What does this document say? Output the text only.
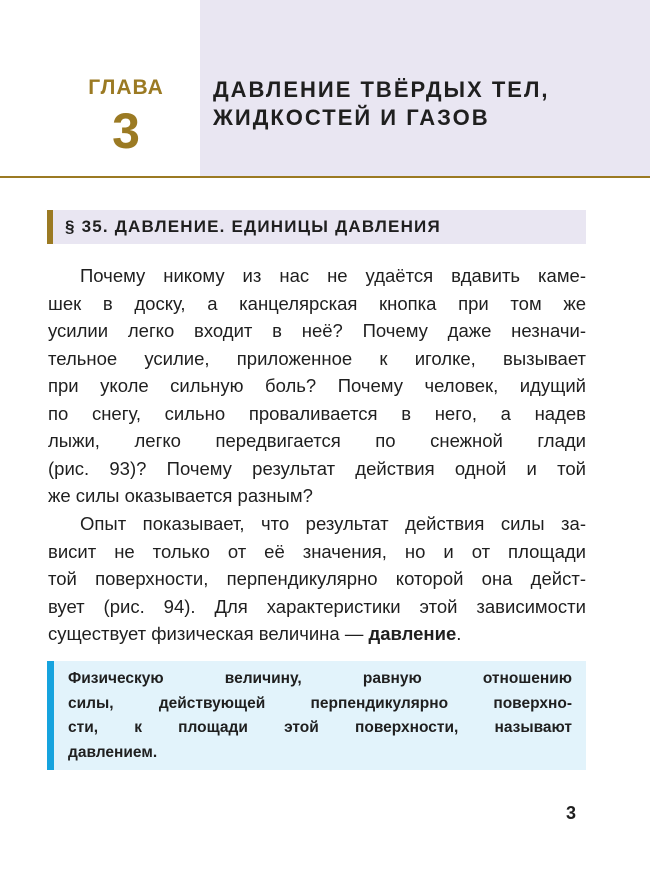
ГЛАВА
3
ДАВЛЕНИЕ ТВЁРДЫХ ТЕЛ,
ЖИДКОСТЕЙ И ГАЗОВ
§ 35. ДАВЛЕНИЕ. ЕДИНИЦЫ ДАВЛЕНИЯ
Почему никому из нас не удаётся вдавить каме-
шек в доску, а канцелярская кнопка при том же
усилии легко входит в неё? Почему даже незначи-
тельное усилие, приложенное к иголке, вызывает
при уколе сильную боль? Почему человек, идущий
по снегу, сильно проваливается в него, а надев
лыжи, легко передвигается по снежной глади
(рис. 93)? Почему результат действия одной и той
же силы оказывается разным?
Опыт показывает, что результат действия силы за-
висит не только от её значения, но и от площади
той поверхности, перпендикулярно которой она дейст-
вует (рис. 94). Для характеристики этой зависимости
существует физическая величина — давление.
Физическую величину, равную отношению
силы, действующей перпендикулярно поверхно-
сти, к площади этой поверхности, называют
давлением.
3
